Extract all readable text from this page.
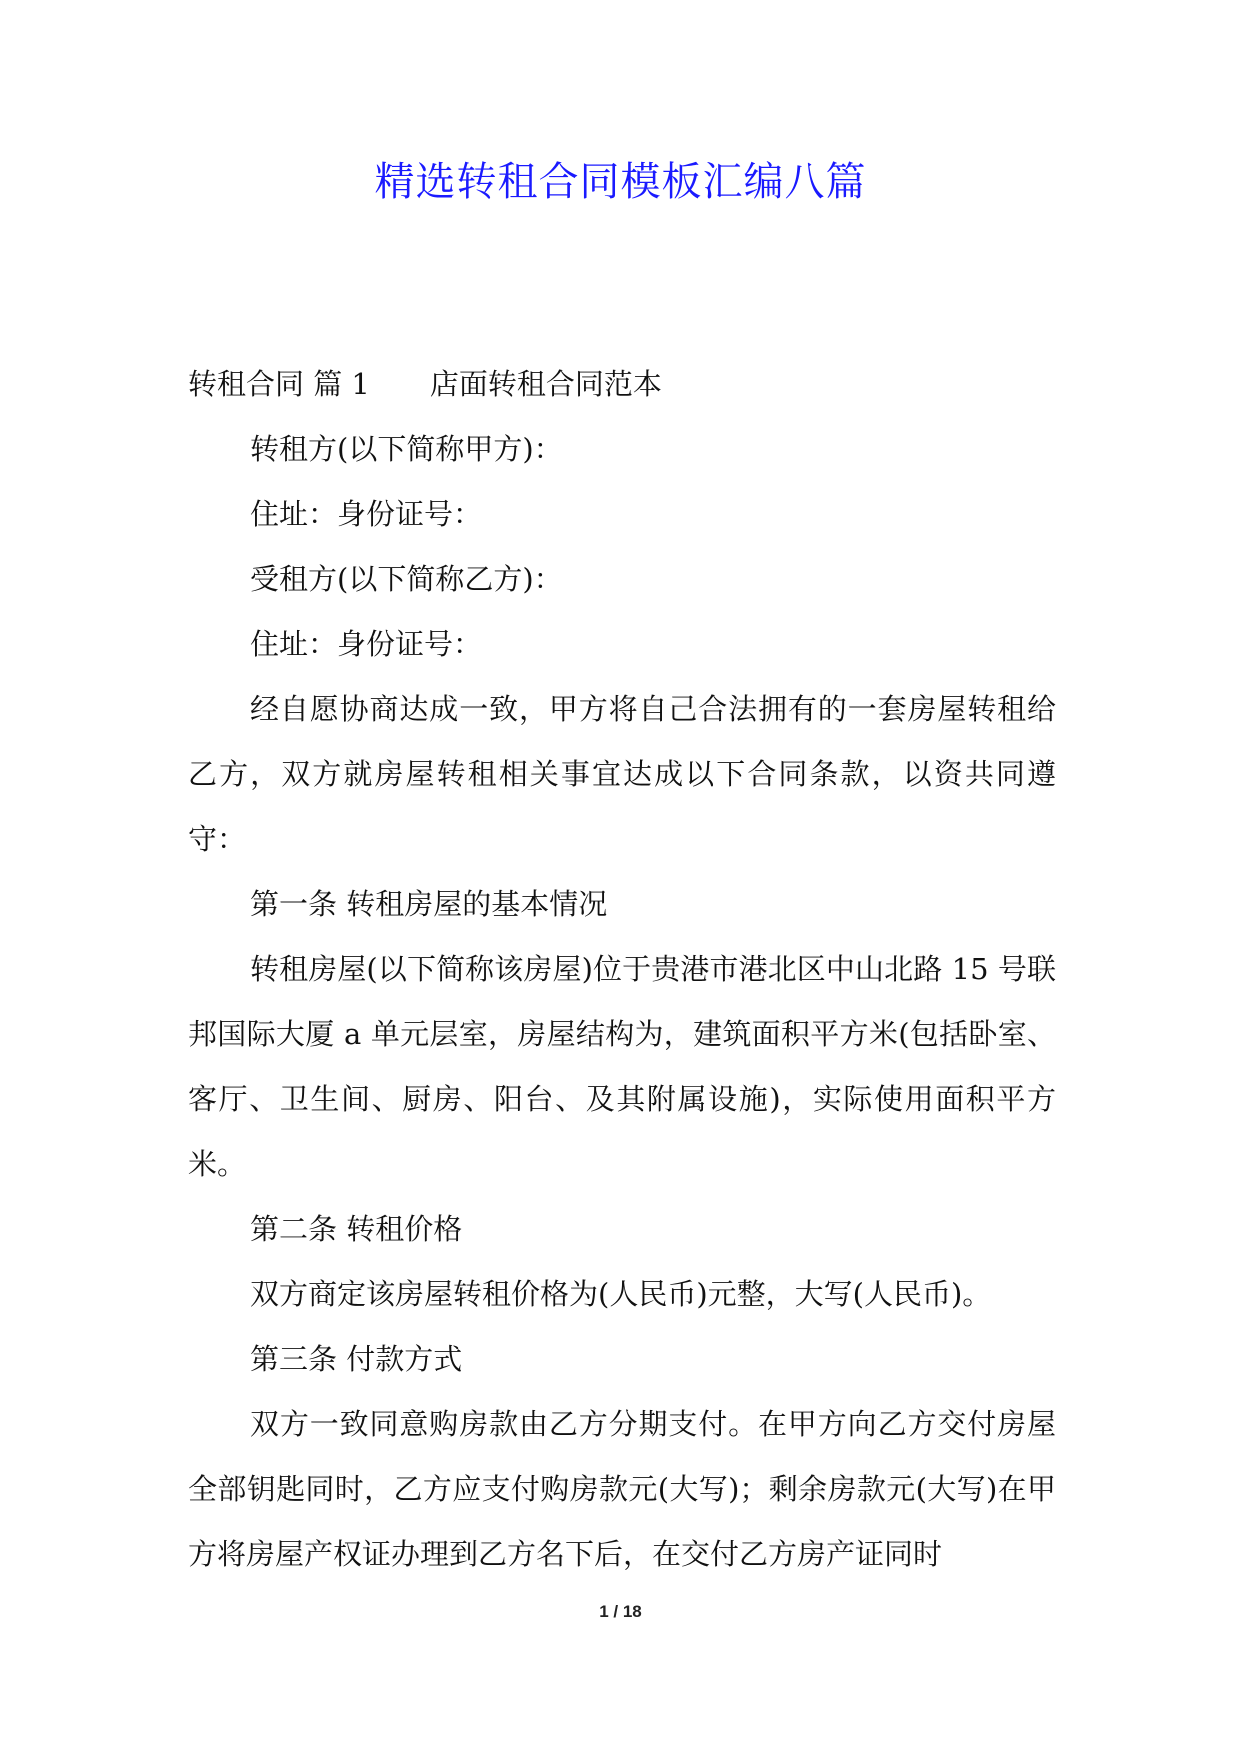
精选转租合同模板汇编八篇

转租合同 篇 1 店面转租合同范本

转租方(以下简称甲方)：

住址：身份证号：

受租方(以下简称乙方)：

住址：身份证号：

经自愿协商达成一致，甲方将自己合法拥有的一套房屋转租给乙方，双方就房屋转租相关事宜达成以下合同条款，以资共同遵守：

第一条 转租房屋的基本情况

转租房屋(以下简称该房屋)位于贵港市港北区中山北路 15 号联邦国际大厦 a 单元层室，房屋结构为，建筑面积平方米(包括卧室、客厅、卫生间、厨房、阳台、及其附属设施)，实际使用面积平方米。

第二条 转租价格

双方商定该房屋转租价格为(人民币)元整，大写(人民币)。

第三条 付款方式

双方一致同意购房款由乙方分期支付。在甲方向乙方交付房屋全部钥匙同时，乙方应支付购房款元(大写)；剩余房款元(大写)在甲方将房屋产权证办理到乙方名下后，在交付乙方房产证同时

1 / 18
